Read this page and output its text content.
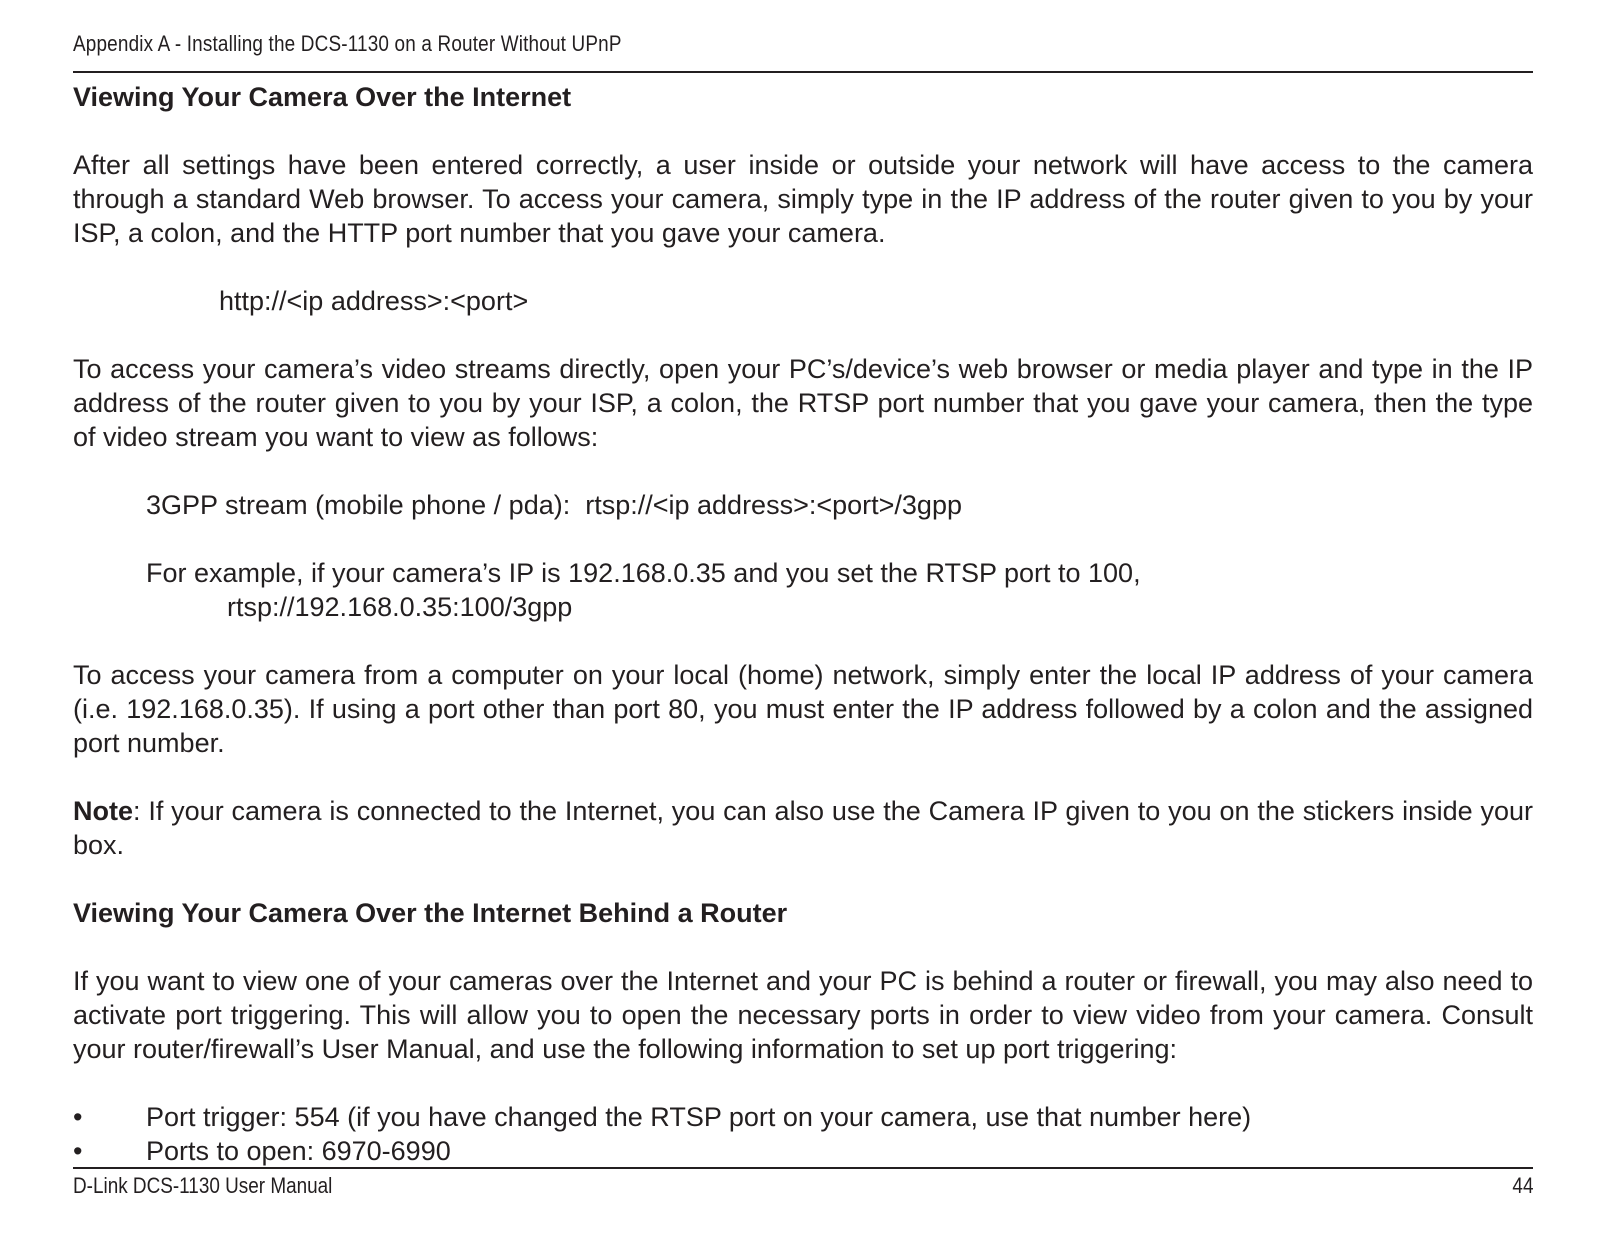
Appendix A - Installing the DCS-1130 on a Router Without UPnP

Viewing Your Camera Over the Internet

After all settings have been entered correctly, a user inside or outside your network will have access to the camera through a standard Web browser. To access your camera, simply type in the IP address of the router given to you by your ISP, a colon, and the HTTP port number that you gave your camera.

http://<ip address>:<port>

To access your camera’s video streams directly, open your PC’s/device’s web browser or media player and type in the IP address of the router given to you by your ISP, a colon, the RTSP port number that you gave your camera, then the type of video stream you want to view as follows:

3GPP stream (mobile phone / pda):  rtsp://<ip address>:<port>/3gpp

For example, if your camera’s IP is 192.168.0.35 and you set the RTSP port to 100,

rtsp://192.168.0.35:100/3gpp

To access your camera from a computer on your local (home) network, simply enter the local IP address of your camera (i.e. 192.168.0.35). If using a port other than port 80, you must enter the IP address followed by a colon and the assigned port number.

Note: If your camera is connected to the Internet, you can also use the Camera IP given to you on the stickers inside your box.

Viewing Your Camera Over the Internet Behind a Router

If you want to view one of your cameras over the Internet and your PC is behind a router or firewall, you may also need to activate port triggering. This will allow you to open the necessary ports in order to view video from your camera. Consult your router/firewall’s User Manual, and use the following information to set up port triggering:

•	Port trigger: 554 (if you have changed the RTSP port on your camera, use that number here)
•	Ports to open: 6970-6990
D-Link DCS-1130 User Manual	44
